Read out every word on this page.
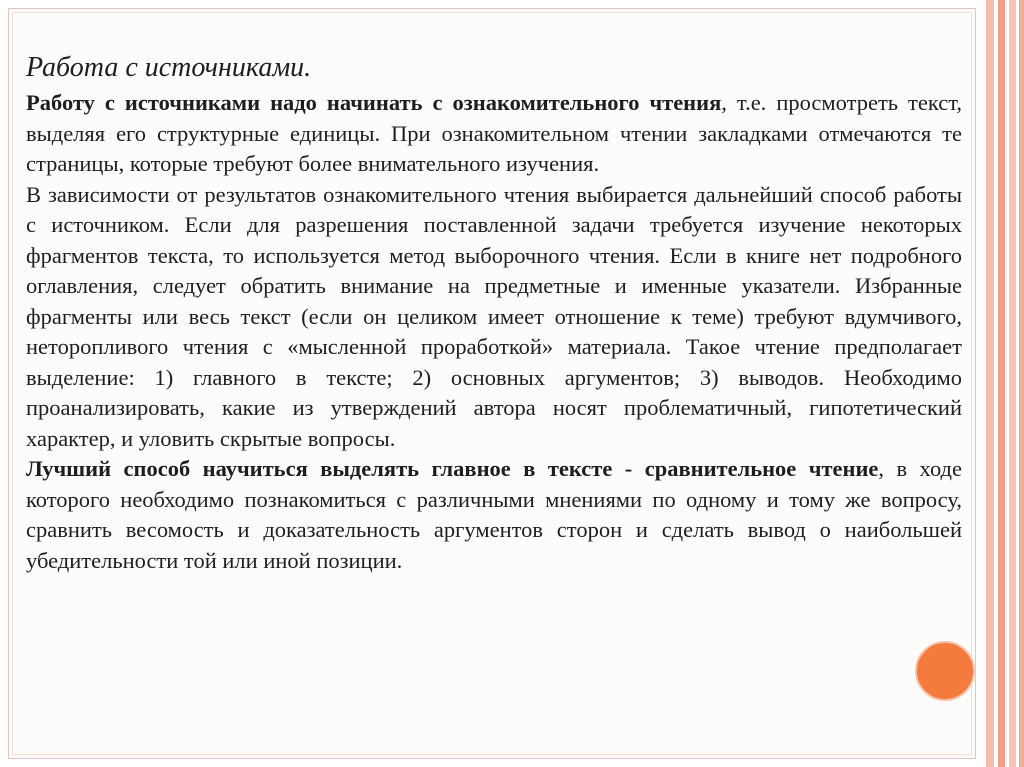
Работа с источниками.

Работу с источниками надо начинать с ознакомительного чтения, т.е. просмотреть текст, выделяя его структурные единицы. При ознакомительном чтении закладками отмечаются те страницы, которые требуют более внимательного изучения.

В зависимости от результатов ознакомительного чтения выбирается дальнейший способ работы с источником. Если для разрешения поставленной задачи требуется изучение некоторых фрагментов текста, то используется метод выборочного чтения. Если в книге нет подробного оглавления, следует обратить внимание на предметные и именные указатели. Избранные фрагменты или весь текст (если он целиком имеет отношение к теме) требуют вдумчивого, неторопливого чтения с «мысленной проработкой» материала. Такое чтение предполагает выделение: 1) главного в тексте; 2) основных аргументов; 3) выводов. Необходимо проанализировать, какие из утверждений автора носят проблематичный, гипотетический характер, и уловить скрытые вопросы.

Лучший способ научиться выделять главное в тексте - сравнительное чтение, в ходе которого необходимо познакомиться с различными мнениями по одному и тому же вопросу, сравнить весомость и доказательность аргументов сторон и сделать вывод о наибольшей убедительности той или иной позиции.
